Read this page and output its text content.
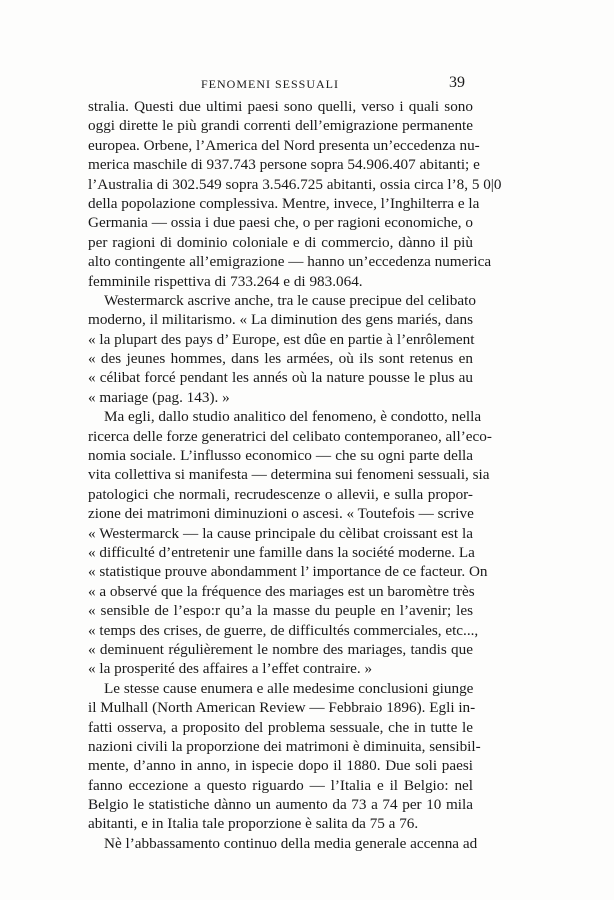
FENOMENI SESSUALI	39
stralia. Questi due ultimi paesi sono quelli, verso i quali sono
oggi dirette le più grandi correnti dell’emigrazione permanente
europea. Orbene, l’America del Nord presenta un’eccedenza nu-
merica maschile di 937.743 persone sopra 54.906.407 abitanti; e
l’Australia di 302.549 sopra 3.546.725 abitanti, ossia circa l’8, 5 0|0
della popolazione complessiva. Mentre, invece, l’Inghilterra e la
Germania — ossia i due paesi che, o per ragioni economiche, o
per ragioni di dominio coloniale e di commercio, dànno il più
alto contingente all’emigrazione — hanno un’eccedenza numerica
femminile rispettiva di 733.264 e di 983.064.
Westermarck ascrive anche, tra le cause precipue del celibato
moderno, il militarismo. « La diminution des gens mariés, dans
« la plupart des pays d’ Europe, est dûe en partie à l’enrôlement
« des jeunes hommes, dans les armées, où ils sont retenus en
« célibat forcé pendant les annés où la nature pousse le plus au
« mariage (pag. 143). »
Ma egli, dallo studio analitico del fenomeno, è condotto, nella
ricerca delle forze generatrici del celibato contemporaneo, all’eco-
nomia sociale. L’influsso economico — che su ogni parte della
vita collettiva si manifesta — determina sui fenomeni sessuali, sia
patologici che normali, recrudescenze o allevii, e sulla propor-
zione dei matrimoni diminuzioni o ascesi. « Toutefois — scrive
« Westermarck — la cause principale du cèlibat croissant est la
« difficulté d’entretenir une famille dans la société moderne. La
« statistique prouve abondamment l’ importance de ce facteur. On
« a observé que la fréquence des mariages est un baromètre très
« sensible de l’espo:r qu’a la masse du peuple en l’avenir; les
« temps des crises, de guerre, de difficultés commerciales, etc...,
« deminuent régulièrement le nombre des mariages, tandis que
« la prosperité des affaires a l’effet contraire. »
Le stesse cause enumera e alle medesime conclusioni giunge
il Mulhall (North American Review — Febbraio 1896). Egli in-
fatti osserva, a proposito del problema sessuale, che in tutte le
nazioni civili la proporzione dei matrimoni è diminuita, sensibil-
mente, d’anno in anno, in ispecie dopo il 1880. Due soli paesi
fanno eccezione a questo riguardo — l’Italia e il Belgio: nel
Belgio le statistiche dànno un aumento da 73 a 74 per 10 mila
abitanti, e in Italia tale proporzione è salita da 75 a 76.
Nè l’abbassamento continuo della media generale accenna ad
